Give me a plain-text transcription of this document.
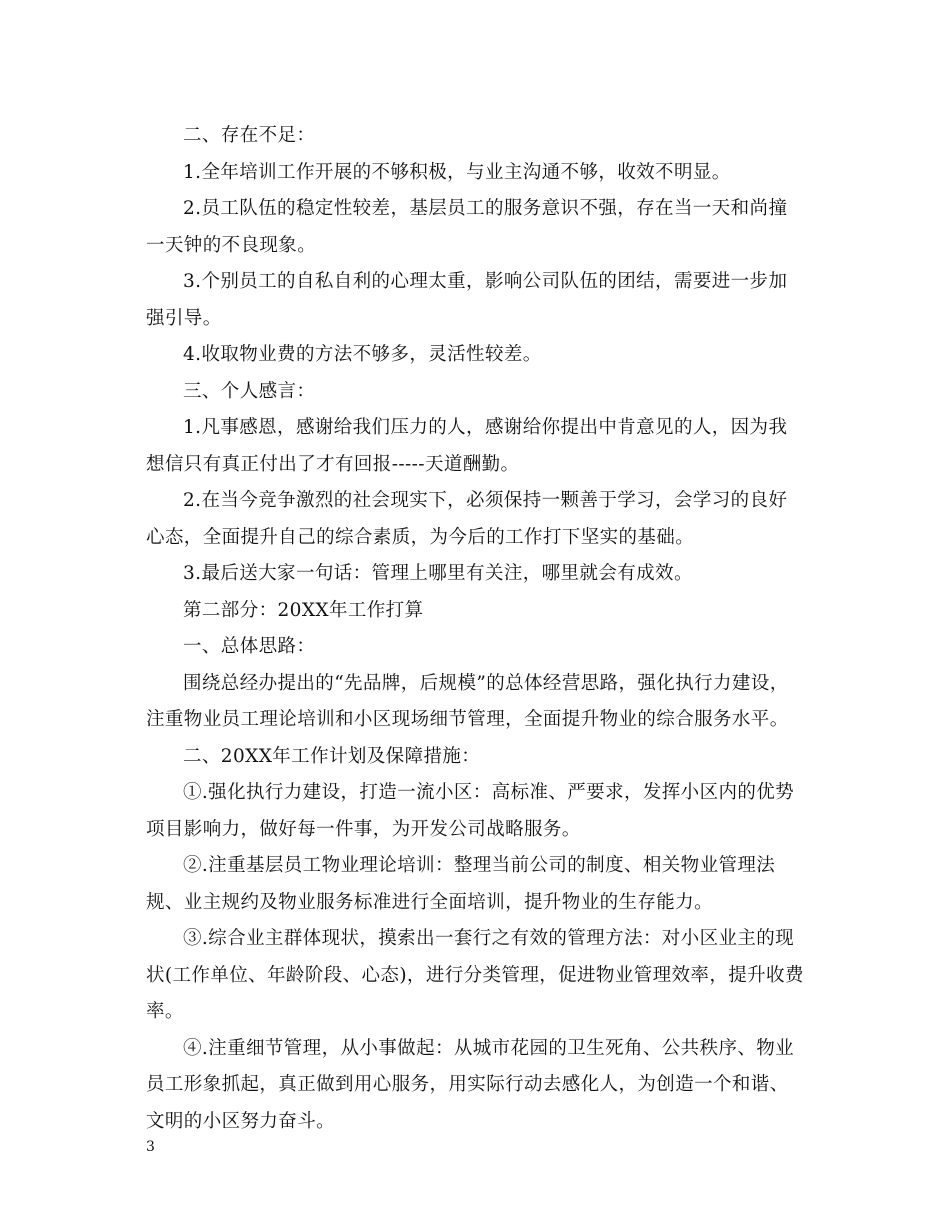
二、存在不足：

1.全年培训工作开展的不够积极，与业主沟通不够，收效不明显。

2.员工队伍的稳定性较差，基层员工的服务意识不强，存在当一天和尚撞一天钟的不良现象。

3.个别员工的自私自利的心理太重，影响公司队伍的团结，需要进一步加强引导。

4.收取物业费的方法不够多，灵活性较差。

三、个人感言：

1.凡事感恩，感谢给我们压力的人，感谢给你提出中肯意见的人，因为我想信只有真正付出了才有回报-----天道酬勤。

2.在当今竞争激烈的社会现实下，必须保持一颗善于学习，会学习的良好心态，全面提升自己的综合素质，为今后的工作打下坚实的基础。

3.最后送大家一句话：管理上哪里有关注，哪里就会有成效。

第二部分：20XX年工作打算

一、总体思路：

围绕总经办提出的“先品牌，后规模”的总体经营思路，强化执行力建设，注重物业员工理论培训和小区现场细节管理，全面提升物业的综合服务水平。

二、20XX年工作计划及保障措施：

①.强化执行力建设，打造一流小区：高标准、严要求，发挥小区内的优势项目影响力，做好每一件事，为开发公司战略服务。

②.注重基层员工物业理论培训：整理当前公司的制度、相关物业管理法规、业主规约及物业服务标准进行全面培训，提升物业的生存能力。

③.综合业主群体现状，摸索出一套行之有效的管理方法：对小区业主的现状(工作单位、年龄阶段、心态)，进行分类管理，促进物业管理效率，提升收费率。

④.注重细节管理，从小事做起：从城市花园的卫生死角、公共秩序、物业员工形象抓起，真正做到用心服务，用实际行动去感化人，为创造一个和谐、文明的小区努力奋斗。

3
